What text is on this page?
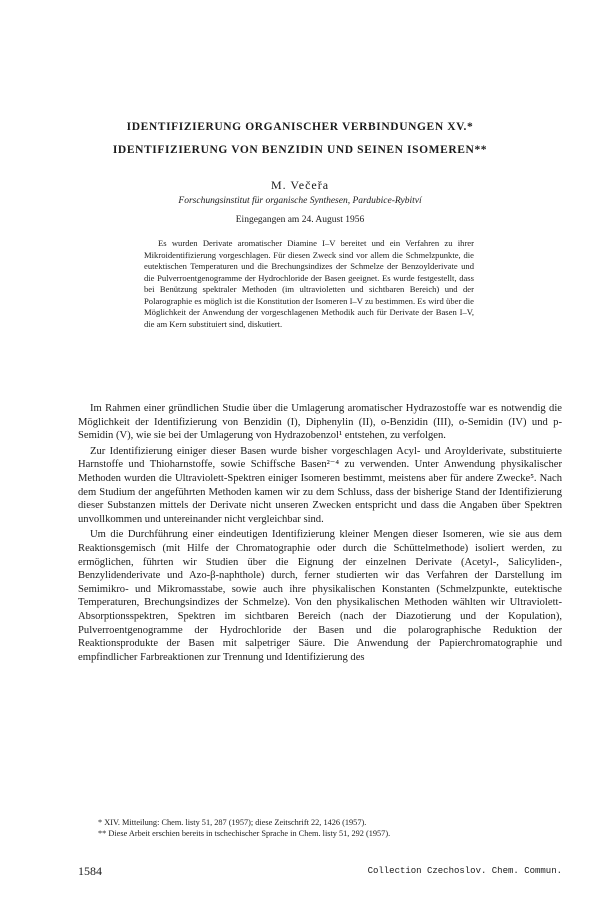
IDENTIFIZIERUNG ORGANISCHER VERBINDUNGEN XV.*
IDENTIFIZIERUNG VON BENZIDIN UND SEINEN ISOMEREN**
M. Večeřa
Forschungsinstitut für organische Synthesen, Pardubice-Rybitví
Eingegangen am 24. August 1956
Es wurden Derivate aromatischer Diamine I–V bereitet und ein Verfahren zu ihrer Mikroidentifizierung vorgeschlagen. Für diesen Zweck sind vor allem die Schmelzpunkte, die eutektischen Temperaturen und die Brechungsindizes der Schmelze der Benzoylderivate und die Pulverroentgenogramme der Hydrochloride der Basen geeignet. Es wurde festgestellt, dass bei Benützung spektraler Methoden (im ultravioletten und sichtbaren Bereich) und der Polarographie es möglich ist die Konstitution der Isomeren I–V zu bestimmen. Es wird über die Möglichkeit der Anwendung der vorgeschlagenen Methodik auch für Derivate der Basen I–V, die am Kern substituiert sind, diskutiert.

Im Rahmen einer gründlichen Studie über die Umlagerung aromatischer Hydrazostoffe war es notwendig die Möglichkeit der Identifizierung von Benzidin (I), Diphenylin (II), o-Benzidin (III), o-Semidin (IV) und p-Semidin (V), wie sie bei der Umlagerung von Hydrazobenzol¹ entstehen, zu verfolgen.

Zur Identifizierung einiger dieser Basen wurde bisher vorgeschlagen Acyl- und Aroylderivate, substituierte Harnstoffe und Thioharnstoffe, sowie Schiffsche Basen²⁻⁴ zu verwenden. Unter Anwendung physikalischer Methoden wurden die Ultraviolett-Spektren einiger Isomeren bestimmt, meistens aber für andere Zwecke⁵. Nach dem Studium der angeführten Methoden kamen wir zu dem Schluss, dass der bisherige Stand der Identifizierung dieser Substanzen mittels der Derivate nicht unseren Zwecken entspricht und dass die Angaben über Spektren unvollkommen und untereinander nicht vergleichbar sind.

Um die Durchführung einer eindeutigen Identifizierung kleiner Mengen dieser Isomeren, wie sie aus dem Reaktionsgemisch (mit Hilfe der Chromatographie oder durch die Schüttelmethode) isoliert werden, zu ermöglichen, führten wir Studien über die Eignung der einzelnen Derivate (Acetyl-, Salicyliden-, Benzylidenderivate und Azo-β-naphthole) durch, ferner studierten wir das Verfahren der Darstellung im Semimikro- und Mikromasstabe, sowie auch ihre physikalischen Konstanten (Schmelzpunkte, eutektische Temperaturen, Brechungsindizes der Schmelze). Von den physikalischen Methoden wählten wir Ultraviolett-Absorptionsspektren, Spektren im sichtbaren Bereich (nach der Diazotierung und der Kopulation), Pulverroentgenogramme der Hydrochloride der Basen und die polarographische Reduktion der Reaktionsprodukte der Basen mit salpetriger Säure. Die Anwendung der Papierchromatographie und empfindlicher Farbreaktionen zur Trennung und Identifizierung des

* XIV. Mitteilung: Chem. listy 51, 287 (1957); diese Zeitschrift 22, 1426 (1957).
** Diese Arbeit erschien bereits in tschechischer Sprache in Chem. listy 51, 292 (1957).
1584	Collection Czechoslov. Chem. Commun.
